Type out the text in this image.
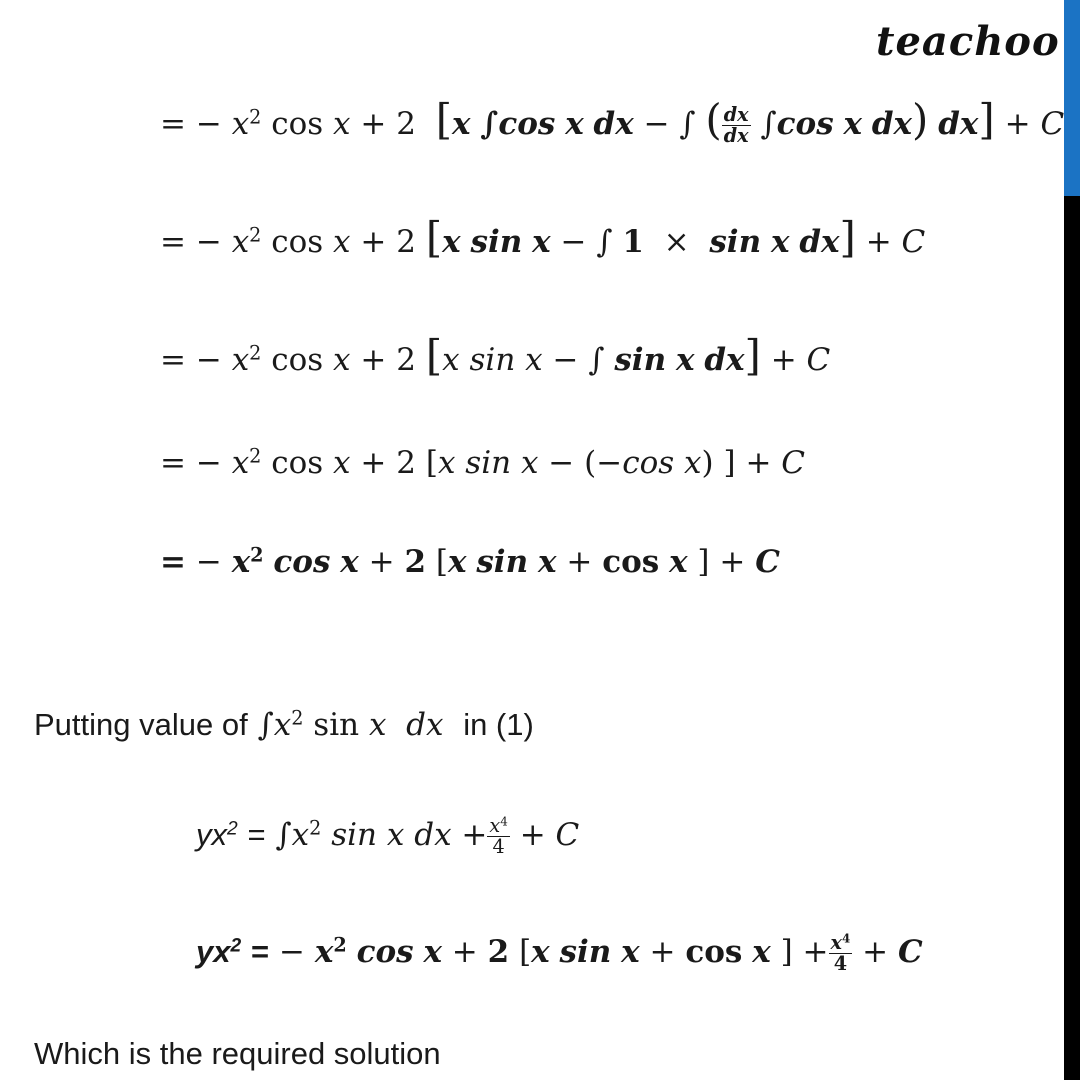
teachoo
= − $x^2$ cos x + 2 [x ∫cos x dx − ∫ ( $\frac{dx}{dx} \int\cos$ x dx) dx] + C
= − $x^2$ cos x + 2 [x sin x − ∫ 1 × sin x dx] + C
= − $x^2$ cos x + 2 [x sin x − ∫ sin x dx] + C
= − $x^2$ cos x + 2 [x sin x − (−cos x) ] + C
= − $x^2$ cos x + 2 [x sin x + cos x ] + C
Putting value of $\int x^2$ sin x dx in (1)
$yx^2 = \int x^2$ sin x dx + $\frac{x^4}{4} + C$
$yx^2$ = − $x^2$ cos x + 2 [x sin x + cos x ] + $\frac{x^4}{4} + C$
Which is the required solution
